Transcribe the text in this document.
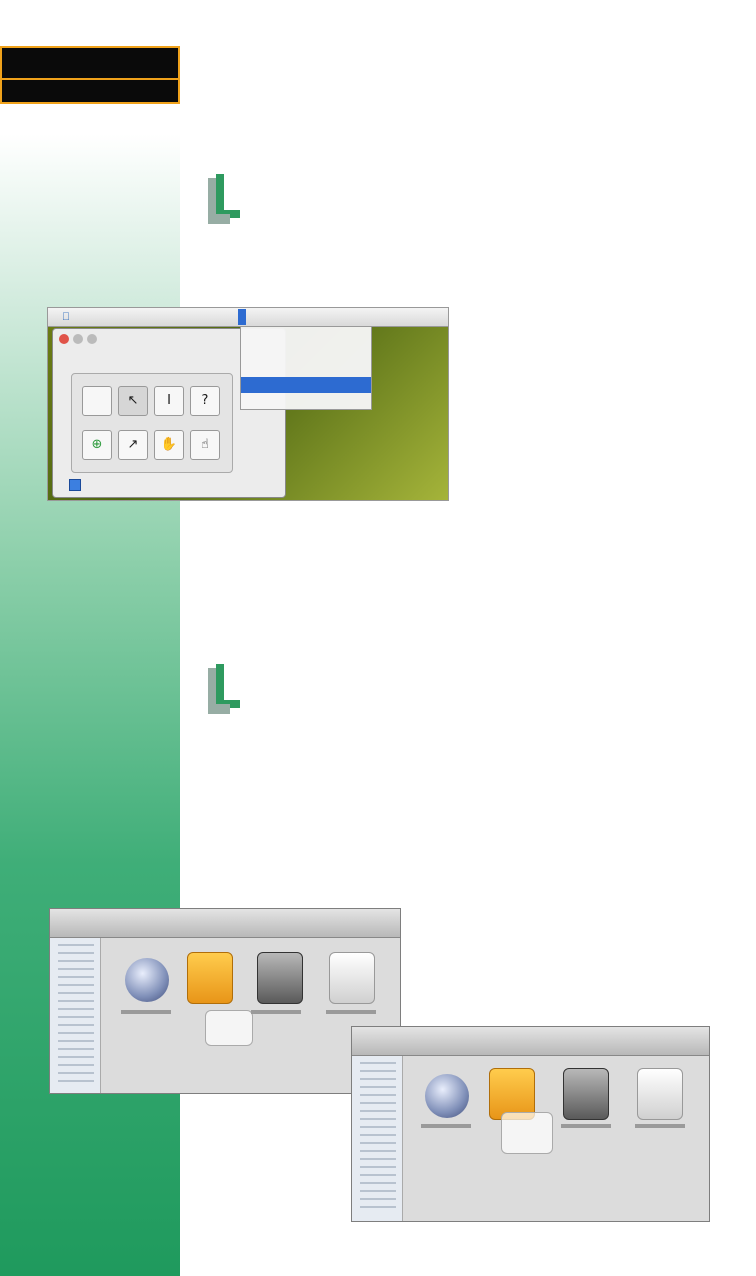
↖	I	?
⊕	↗	✋	☝
